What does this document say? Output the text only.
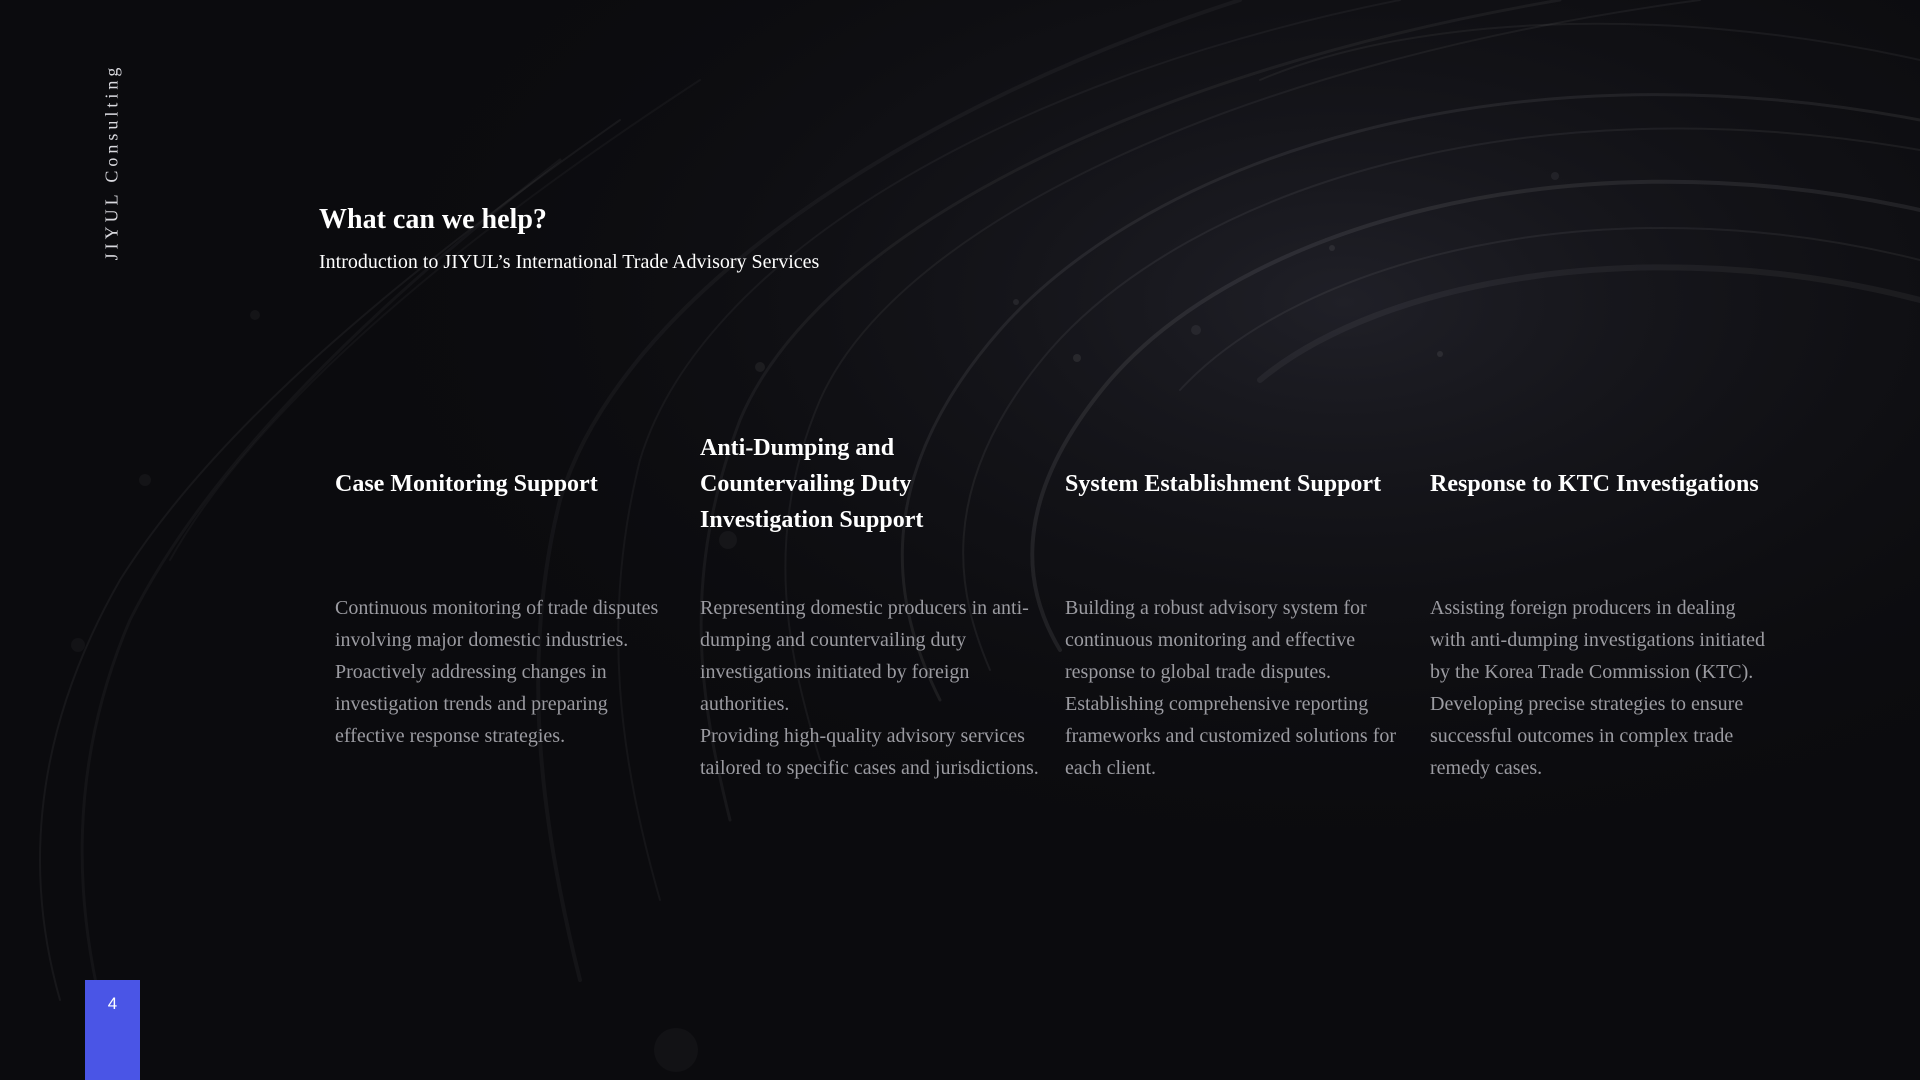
JIYUL Consulting	What can we help?

Introduction to JIYUL’s International Trade Advisory Services

Case Monitoring Support

Continuous monitoring of trade disputes involving major domestic industries.
Proactively addressing changes in investigation trends and preparing effective response strategies.

Anti-Dumping and Countervailing Duty Investigation Support

Representing domestic producers in anti-dumping and countervailing duty investigations initiated by foreign authorities.
Providing high-quality advisory services tailored to specific cases and jurisdictions.

System Establishment Support

Building a robust advisory system for continuous monitoring and effective response to global trade disputes.
Establishing comprehensive reporting frameworks and customized solutions for each client.

Response to KTC Investigations

Assisting foreign producers in dealing with anti-dumping investigations initiated by the Korea Trade Commission (KTC).
Developing precise strategies to ensure successful outcomes in complex trade remedy cases.

4
